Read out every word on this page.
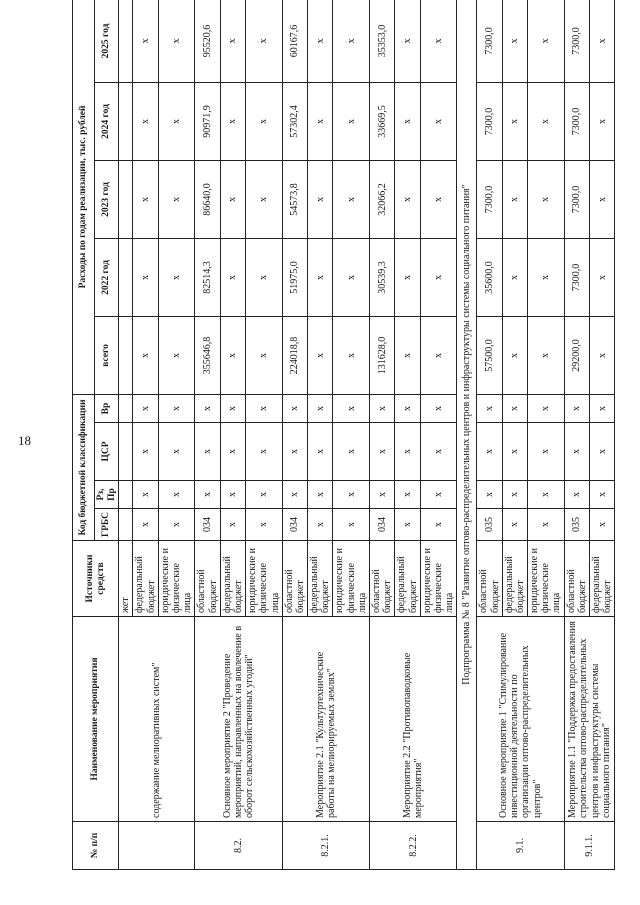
18
№ п/п	Наименование мероприятия	Источники средств	Код бюджетной классификации				Расходы по годам реализации, тыс. рублей				
			ГРБС	Рз, Пр	ЦСР	Вр	всего	2022 год	2023 год	2024 год	2025 год
	содержание мелиоративных систем"	жет									
		федеральный бюджет	х	х	х	х	х	х	х	х	х
		юридические и физические лица	х	х	х	х	х	х	х	х	х
8.2.	Основное мероприятие 2 "Проведение мероприятий, направленных на вовлечение в оборот сельскохозяйственных угодий"	областной бюджет	034	х	х	х	355646,8	82514,3	86640,0	90971,9	95520,6
		федеральный бюджет	х	х	х	х	х	х	х	х	х
		юридические и физические лица	х	х	х	х	х	х	х	х	х
8.2.1.	Мероприятие 2.1 "Культуртехнические работы на мелиорируемых землях"	областной бюджет	034	х	х	х	224018,8	51975,0	54573,8	57302,4	60167,6
		федеральный бюджет	х	х	х	х	х	х	х	х	х
		юридические и физические лица	х	х	х	х	х	х	х	х	х
8.2.2.	Мероприятие 2.2 "Противопаводковые мероприятия"	областной бюджет	034	х	х	х	131628,0	30539,3	32066,2	33669,5	35353,0
		федеральный бюджет	х	х	х	х	х	х	х	х	х
		юридические и физические лица	х	х	х	х	х	х	х	х	х
Подпрограмма № 8 "Развитие оптово-распределительных центров и инфраструктуры системы социального питания"											
9.1.	Основное мероприятие 1 "Стимулирование инвестиционной деятельности по организации оптово-распределительных центров"	областной бюджет	035	х	х	х	57500,0	35600,0	7300,0	7300,0	7300,0
		федеральный бюджет	х	х	х	х	х	х	х	х	х
		юридические и физические лица	х	х	х	х	х	х	х	х	х
9.1.1.	Мероприятие 1.1 "Поддержка предоставления строительства оптово-распределительных центров и инфраструктуры системы социального питания"	областной бюджет	035	х	х	х	29200,0	7300,0	7300,0	7300,0	7300,0
		федеральный бюджет	х	х	х	х	х	х	х	х	х
